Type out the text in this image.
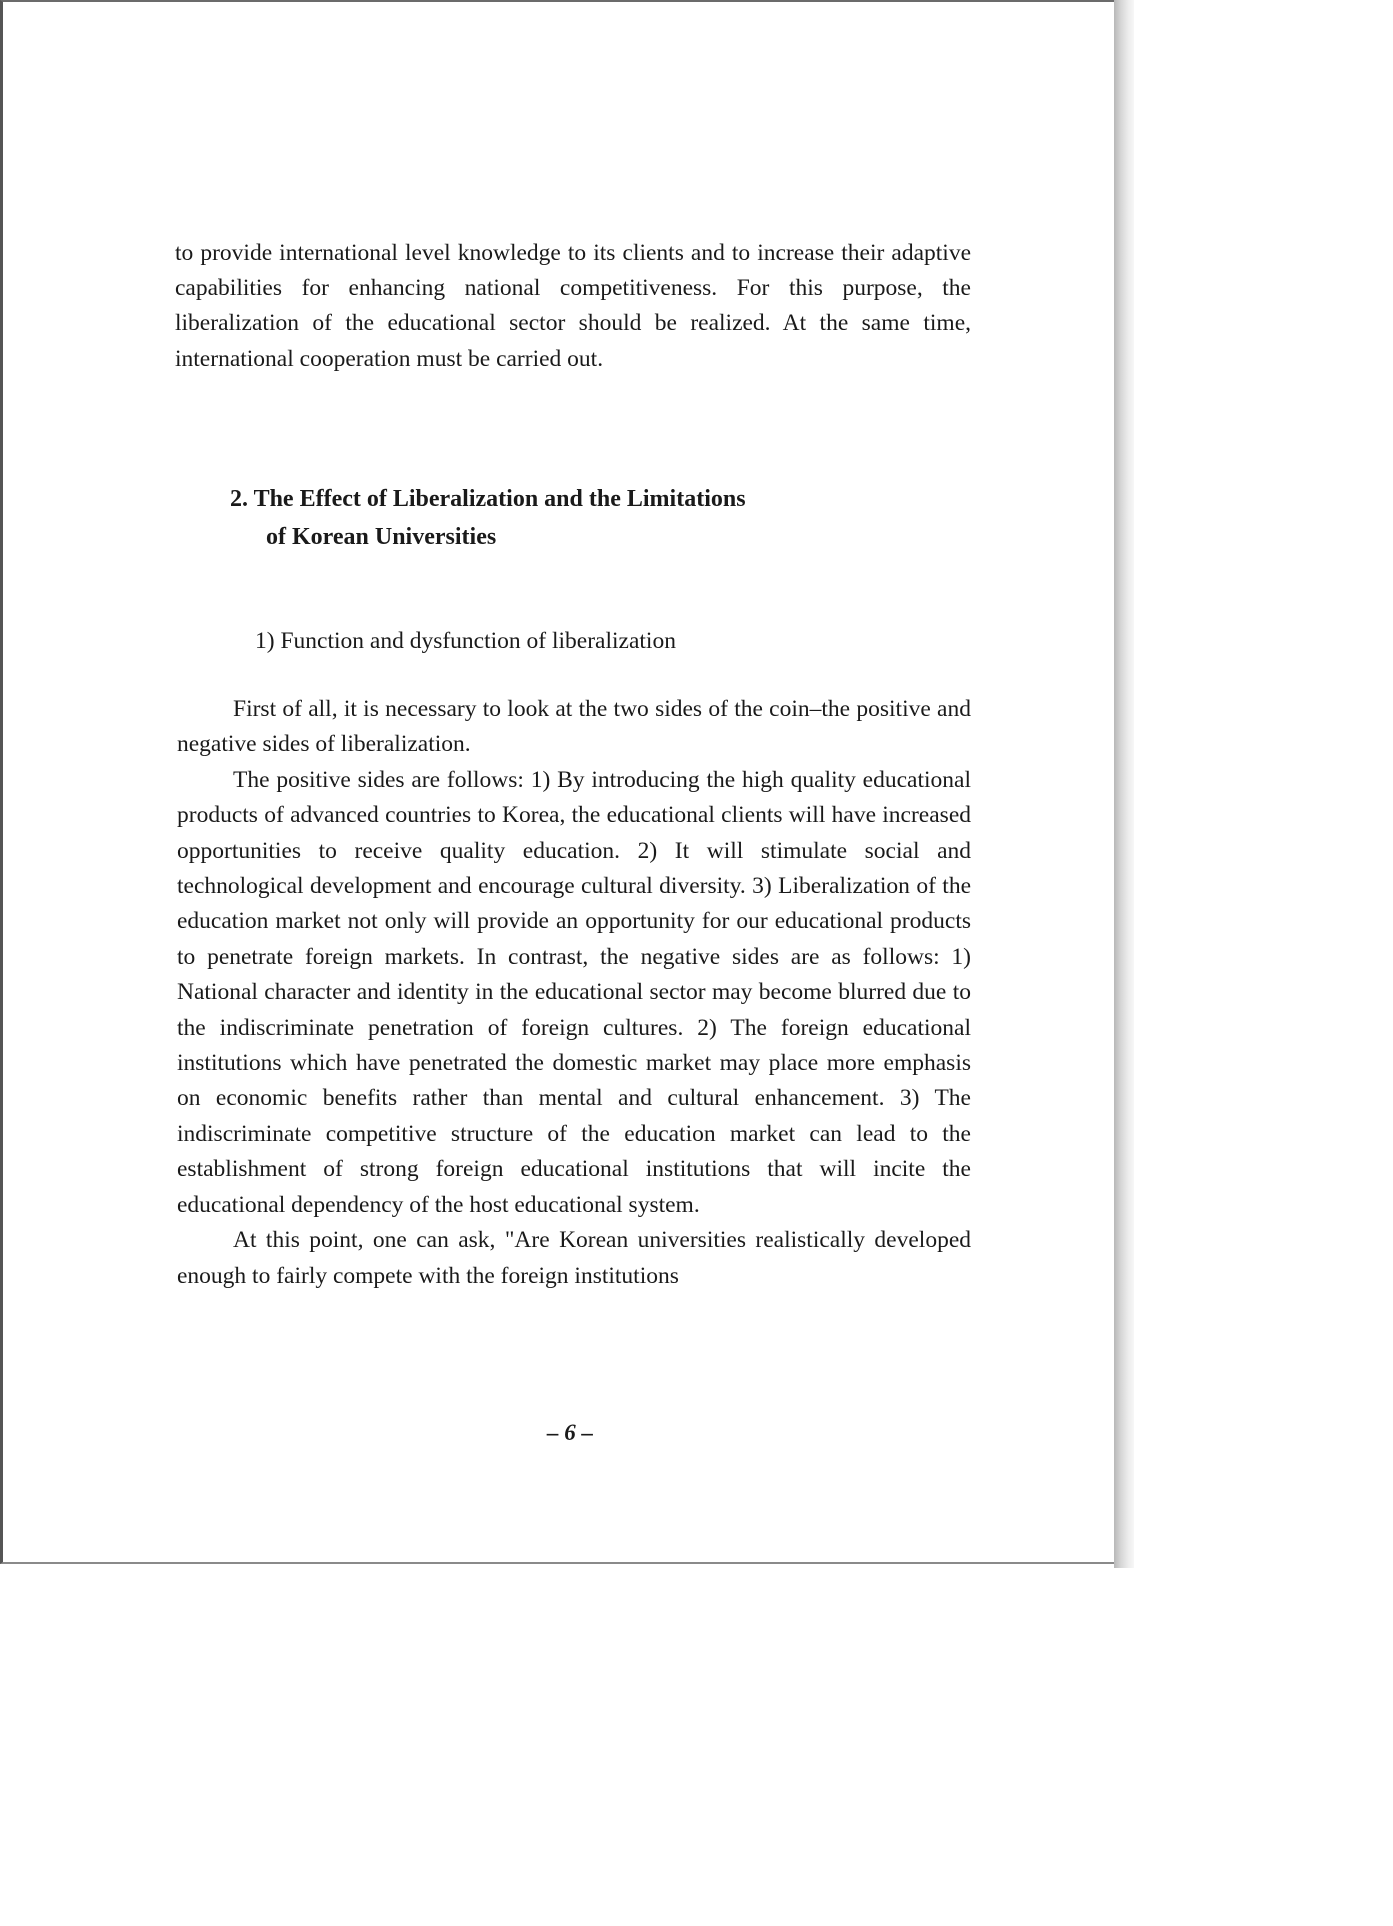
to provide international level knowledge to its clients and to increase their adaptive capabilities for enhancing national competitiveness. For this purpose, the liberalization of the educational sector should be realized. At the same time, international cooperation must be carried out.

2. The Effect of Liberalization and the Limitations
of Korean Universities
1) Function and dysfunction of liberalization

First of all, it is necessary to look at the two sides of the coin–the positive and negative sides of liberalization.

The positive sides are follows: 1) By introducing the high quality educational products of advanced countries to Korea, the educational clients will have increased opportunities to receive quality education. 2) It will stimulate social and technological development and encourage cultural diversity. 3) Liberalization of the education market not only will provide an opportunity for our educational products to penetrate foreign markets. In contrast, the negative sides are as follows: 1) National character and identity in the educational sector may become blurred due to the indiscriminate penetration of foreign cultures. 2) The foreign educational institutions which have penetrated the domestic market may place more emphasis on economic benefits rather than mental and cultural enhancement. 3) The indiscriminate competitive structure of the education market can lead to the establishment of strong foreign educational institutions that will incite the educational dependency of the host educational system.

At this point, one can ask, "Are Korean universities realistically developed enough to fairly compete with the foreign institutions

– 6 –
